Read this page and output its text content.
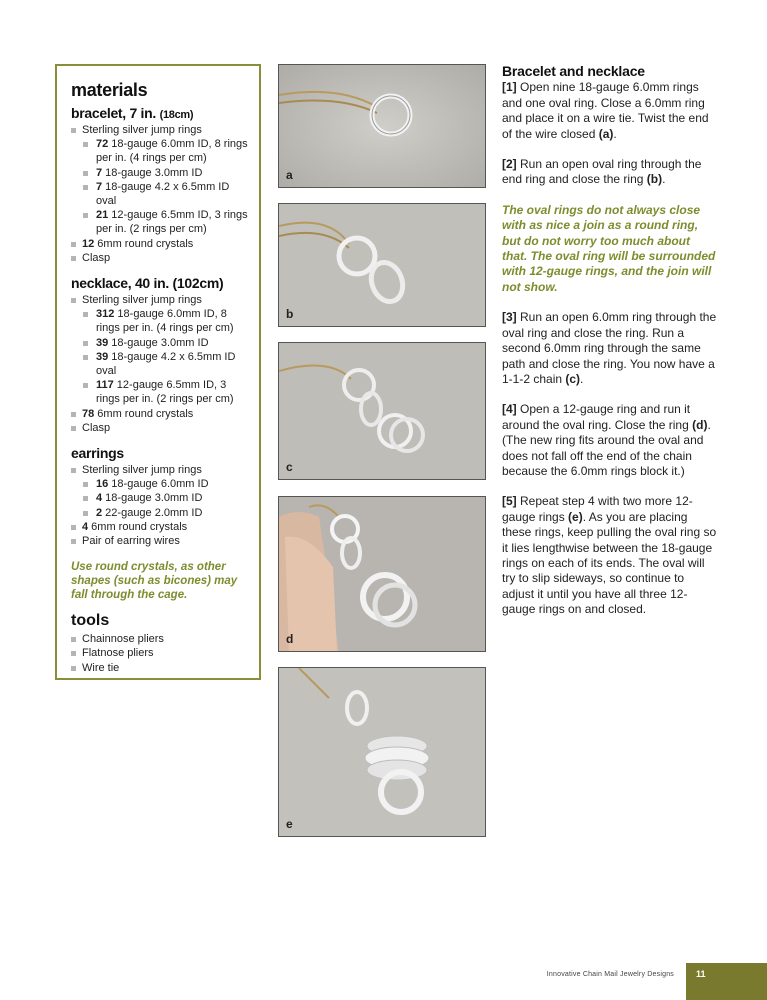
materials
bracelet, 7 in. (18cm)
Sterling silver jump rings
72 18-gauge 6.0mm ID, 8 rings per in. (4 rings per cm)
7 18-gauge 3.0mm ID
7 18-gauge 4.2 x 6.5mm ID oval
21 12-gauge 6.5mm ID, 3 rings per in. (2 rings per cm)
12 6mm round crystals
Clasp
necklace, 40 in. (102cm)
Sterling silver jump rings
312 18-gauge 6.0mm ID, 8 rings per in. (4 rings per cm)
39 18-gauge 3.0mm ID
39 18-gauge 4.2 x 6.5mm ID oval
117 12-gauge 6.5mm ID, 3 rings per in. (2 rings per cm)
78 6mm round crystals
Clasp
earrings
Sterling silver jump rings
16 18-gauge 6.0mm ID
4 18-gauge 3.0mm ID
2 22-gauge 2.0mm ID
4 6mm round crystals
Pair of earring wires
Use round crystals, as other shapes (such as bicones) may fall through the cage.
tools
Chainnose pliers
Flatnose pliers
Wire tie
a
b
c
d
e
Bracelet and necklace

[1] Open nine 18-gauge 6.0mm rings and one oval ring. Close a 6.0mm ring and place it on a wire tie. Twist the end of the wire closed (a).

[2] Run an open oval ring through the end ring and close the ring (b).

The oval rings do not always close with as nice a join as a round ring, but do not worry too much about that. The oval ring will be surrounded with 12-gauge rings, and the join will not show.

[3] Run an open 6.0mm ring through the oval ring and close the ring. Run a second 6.0mm ring through the same path and close the ring. You now have a 1-1-2 chain (c).

[4] Open a 12-gauge ring and run it around the oval ring. Close the ring (d). (The new ring fits around the oval and does not fall off the end of the chain because the 6.0mm rings block it.)

[5] Repeat step 4 with two more 12-gauge rings (e). As you are placing these rings, keep pulling the oval ring so it lies lengthwise between the 18-gauge rings on each of its ends. The oval will try to slip sideways, so continue to adjust it until you have all three 12-gauge rings on and closed.

Innovative Chain Mail Jewelry Designs 11
